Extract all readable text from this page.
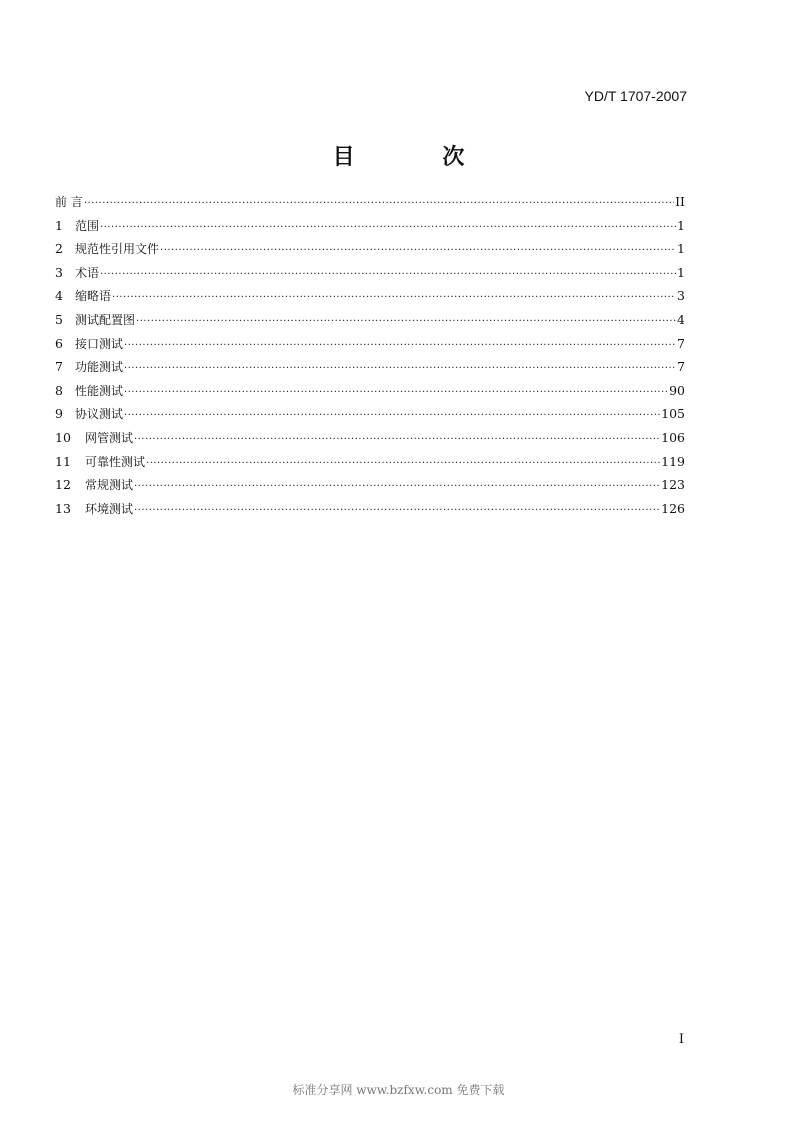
YD/T 1707-2007
目 次
前 言 ·····	II
1	范围 ·····	1
2	规范性引用文件 ·····	1
3	术语 ·····	1
4	缩略语 ·····	3
5	测试配置图 ·····	4
6	接口测试 ·····	7
7	功能测试 ·····	7
8	性能测试 ·····	90
9	协议测试 ·····	105
10	网管测试 ·····	106
11	可靠性测试 ·····	119
12	常规测试 ·····	123
13	环境测试 ·····	126
I
标准分享网 www.bzfxw.com 免费下载
